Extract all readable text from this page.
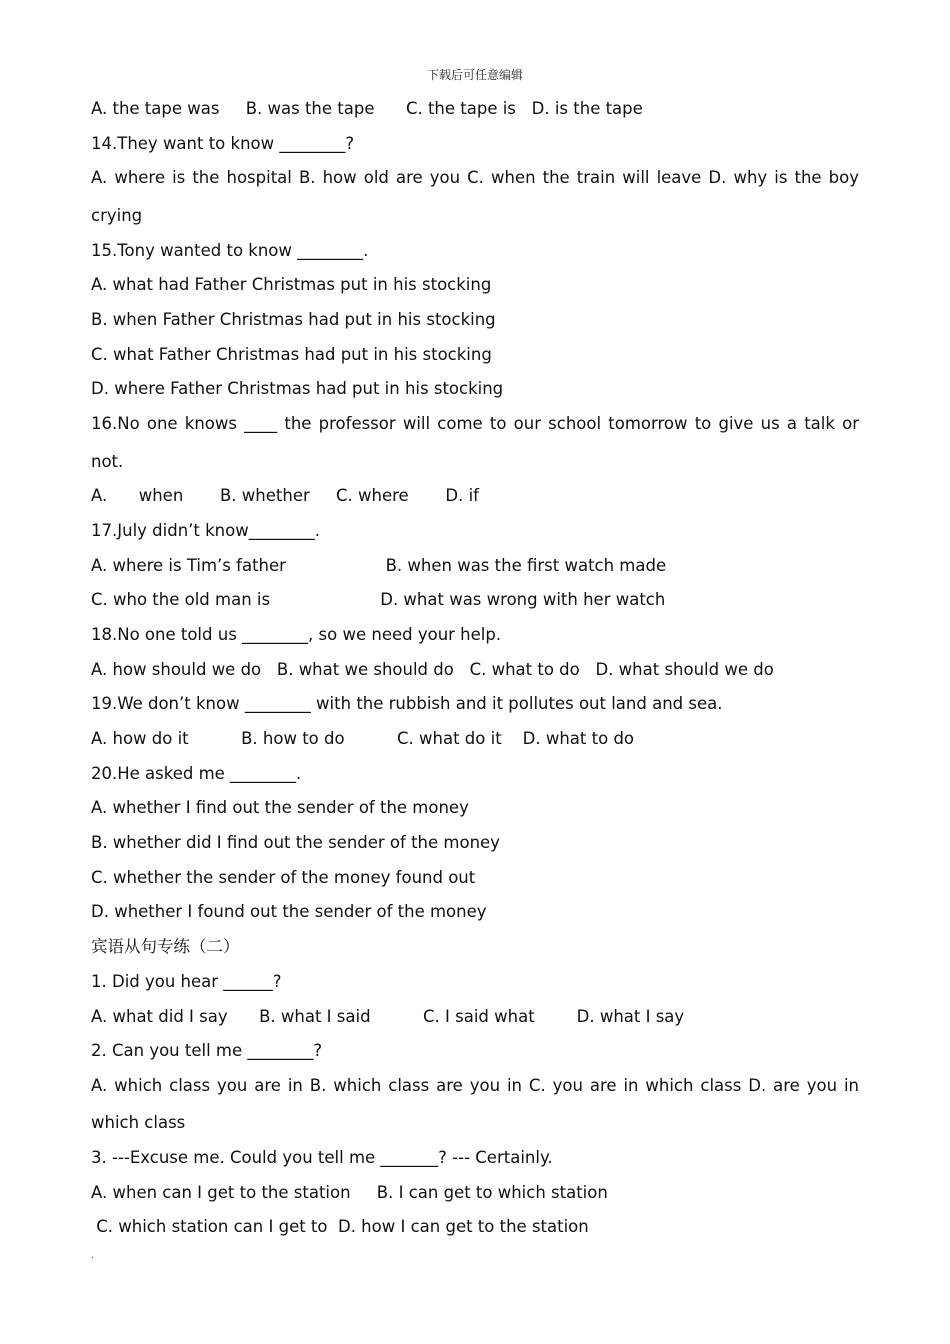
下载后可任意编辑
A. the tape was     B. was the tape      C. the tape is   D. is the tape
14.They want to know ________?
A. where is the hospital B. how old are you C. when the train will leave D. why is the boy
crying
15.Tony wanted to know ________.
A. what had Father Christmas put in his stocking
B. when Father Christmas had put in his stocking
C. what Father Christmas had put in his stocking
D. where Father Christmas had put in his stocking
16.No one knows ____ the professor will come to our school tomorrow to give us a talk or
not.
A.      when       B. whether     C. where       D. if
17.July didn’t know________.
A. where is Tim’s father                   B. when was the first watch made
C. who the old man is                     D. what was wrong with her watch
18.No one told us ________, so we need your help.
A. how should we do   B. what we should do   C. what to do   D. what should we do
19.We don’t know ________ with the rubbish and it pollutes out land and sea.
A. how do it          B. how to do          C. what do it    D. what to do
20.He asked me ________.
A. whether I find out the sender of the money
B. whether did I find out the sender of the money
C. whether the sender of the money found out
D. whether I found out the sender of the money
宾语从句专练（二）
1. Did you hear ______?
A. what did I say      B. what I said          C. I said what        D. what I say
2. Can you tell me ________?
A. which class you are in B. which class are you in C. you are in which class D. are you in
which class
3. ---Excuse me. Could you tell me _______? --- Certainly.
A. when can I get to the station     B. I can get to which station
C. which station can I get to  D. how I can get to the station
.
